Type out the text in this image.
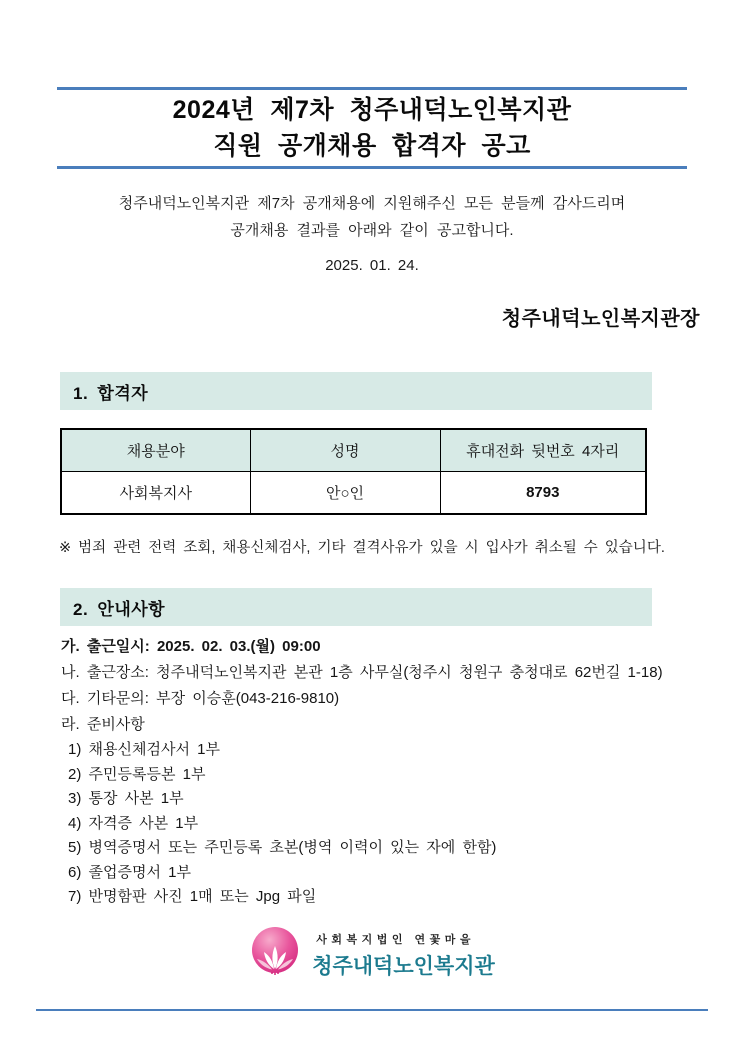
2024년 제7차 청주내덕노인복지관
직원 공개채용 합격자 공고
청주내덕노인복지관 제7차 공개채용에 지원해주신 모든 분들께 감사드리며
공개채용 결과를 아래와 같이 공고합니다.
2025. 01. 24.
청주내덕노인복지관장
1. 합격자
채용분야	성명	휴대전화 뒷번호 4자리
사회복지사	안○인	8793
※ 범죄 관련 전력 조회, 채용신체검사, 기타 결격사유가 있을 시 입사가 취소될 수 있습니다.
2. 안내사항
가. 출근일시: 2025. 02. 03.(월) 09:00
나. 출근장소: 청주내덕노인복지관 본관 1층 사무실(청주시 청원구 충청대로 62번길 1-18)
다. 기타문의: 부장 이승훈(043-216-9810)
라. 준비사항
1) 채용신체검사서 1부
2) 주민등록등본 1부
3) 통장 사본 1부
4) 자격증 사본 1부
5) 병역증명서 또는 주민등록 초본(병역 이력이 있는 자에 한함)
6) 졸업증명서 1부
7) 반명함판 사진 1매 또는 Jpg 파일
사회복지법인 연꽃마을
청주내덕노인복지관
